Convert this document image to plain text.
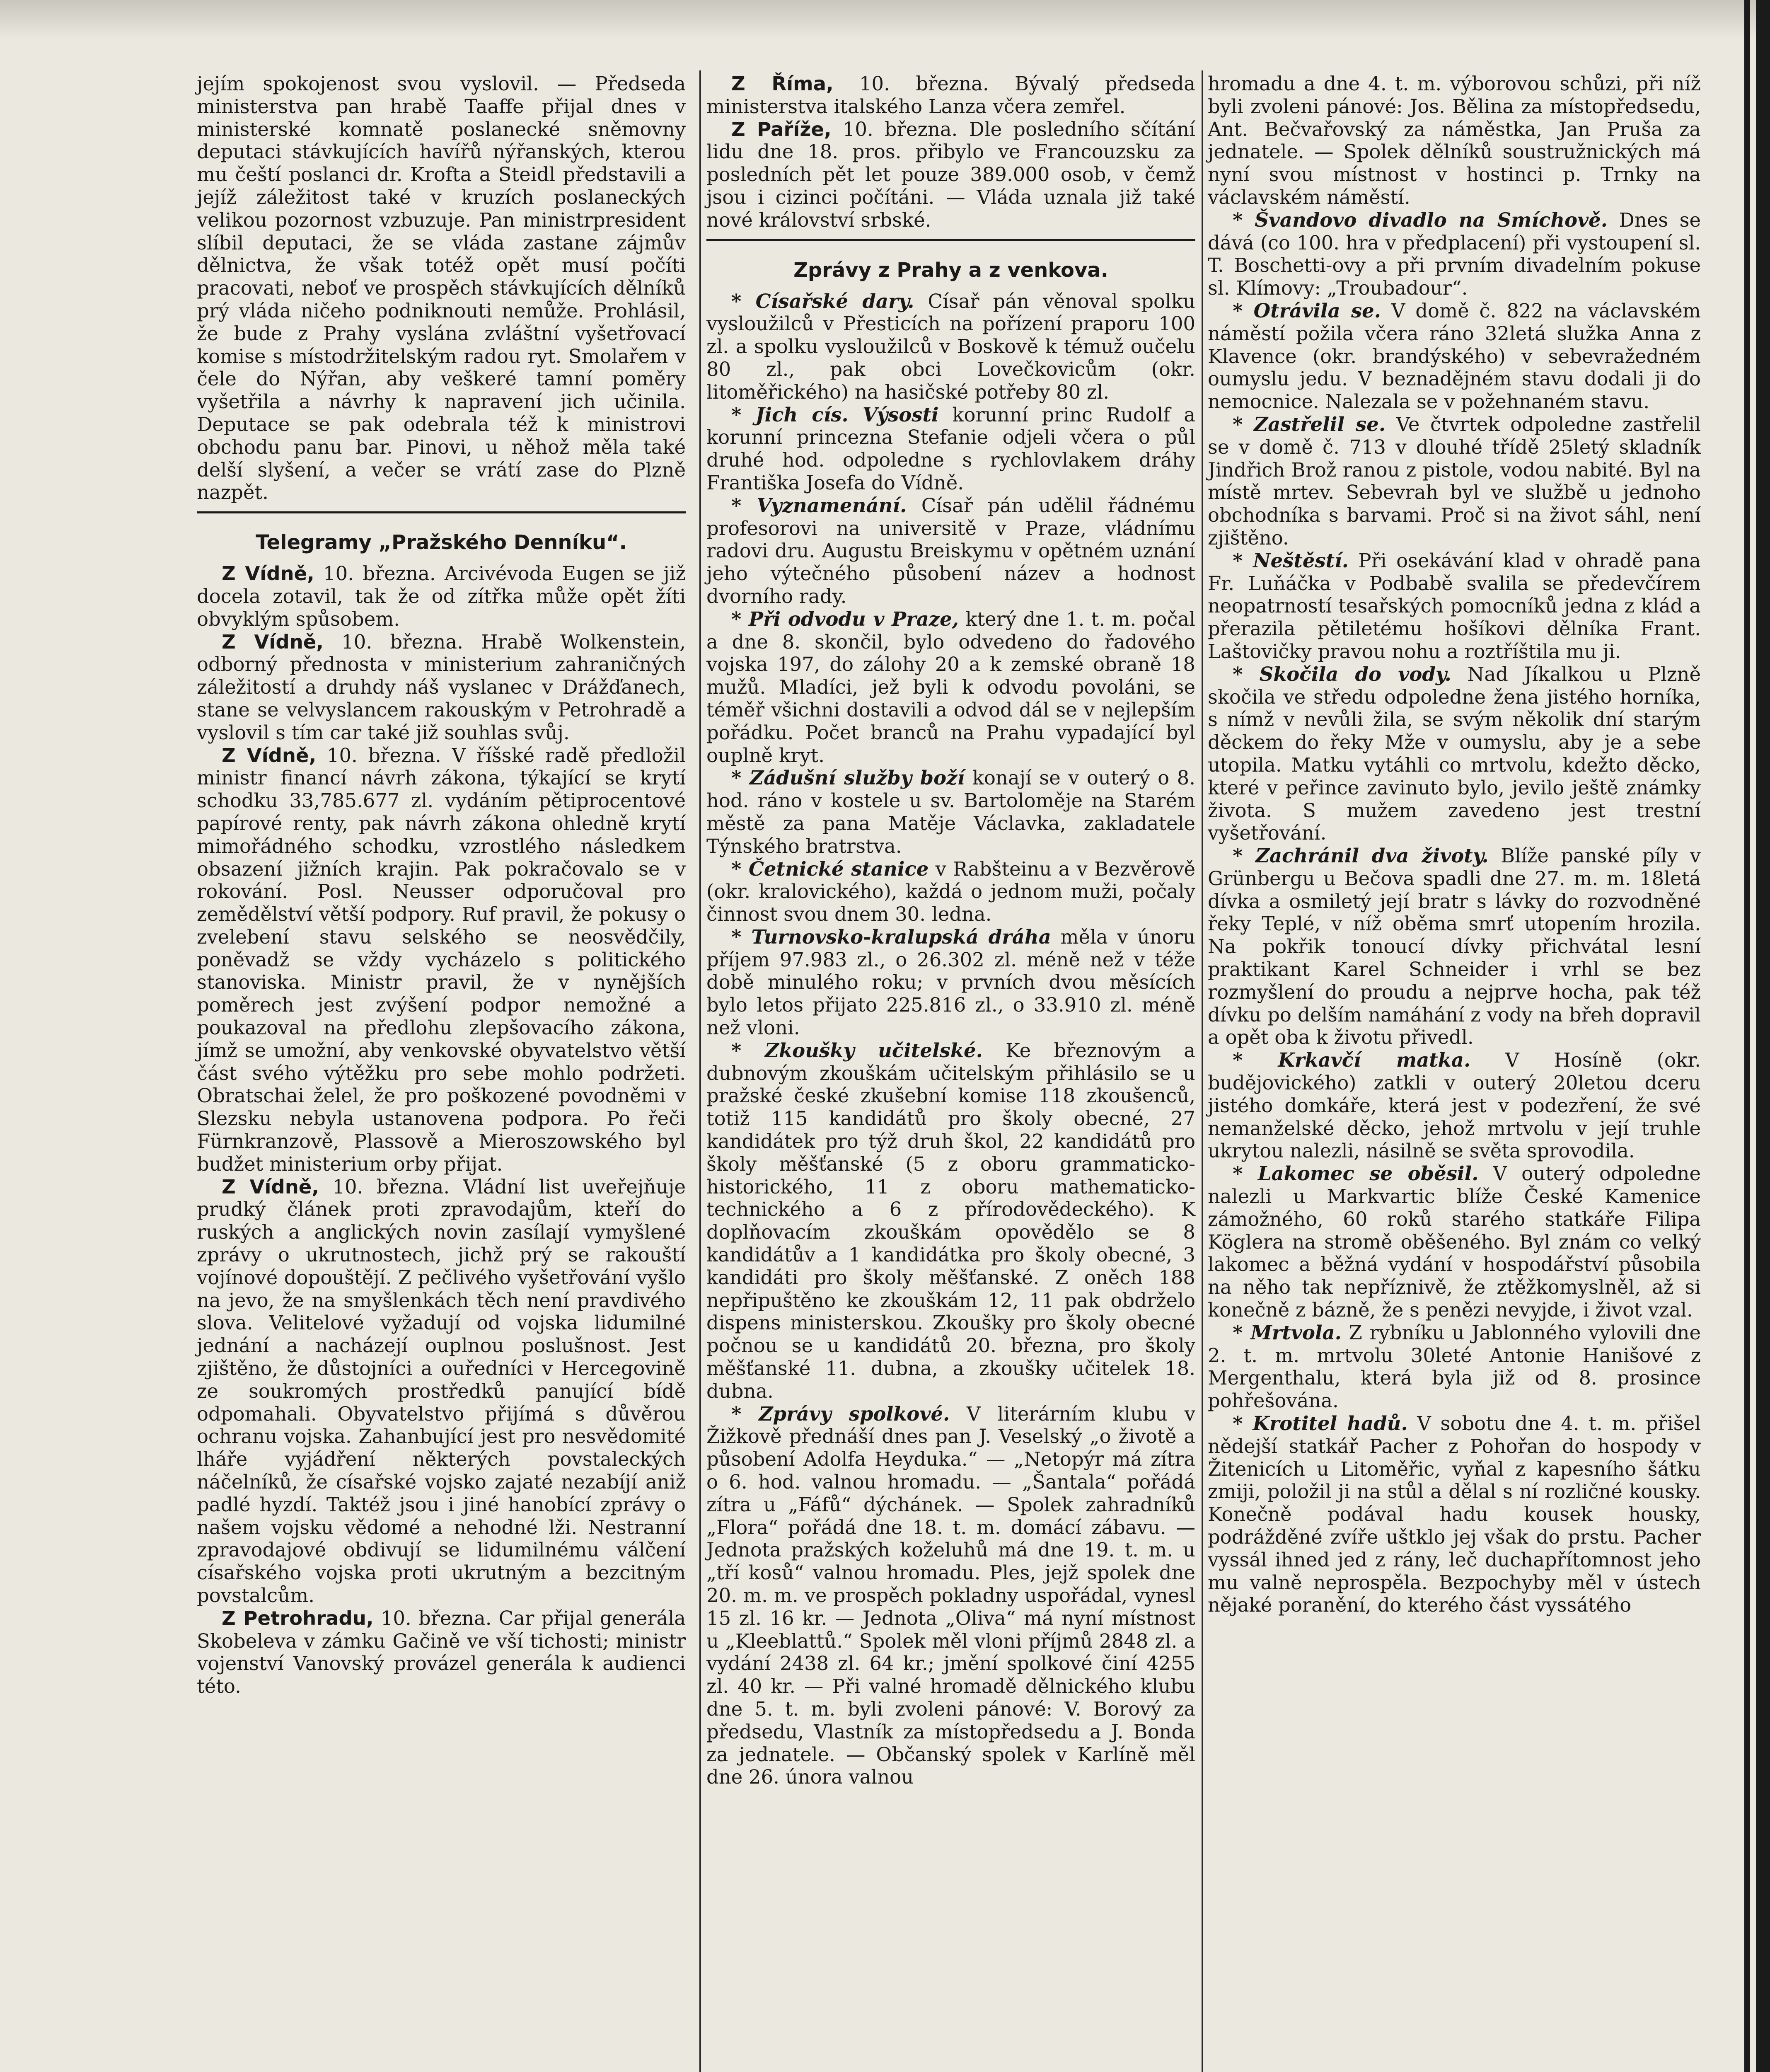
jejím spokojenost svou vyslovil. — Předseda ministerstva pan hrabě Taaffe přijal dnes v ministerské komnatě poslanecké sněmovny deputaci stávkujících havířů nýřanských, kterou mu čeští poslanci dr. Krofta a Steidl představili a jejíž záležitost také v kruzích poslaneckých velikou pozornost vzbuzuje. Pan ministrpresident slíbil deputaci, že se vláda zastane zájmův dělnictva, že však totéž opět musí počíti pracovati, neboť ve prospěch stávkujících dělníků prý vláda ničeho podniknouti nemůže. Prohlásil, že bude z Prahy vyslána zvláštní vyšetřovací komise s místodržitelským radou ryt. Smolařem v čele do Nýřan, aby veškeré tamní poměry vyšetřila a návrhy k napravení jich učinila. Deputace se pak odebrala též k ministrovi obchodu panu bar. Pinovi, u něhož měla také delší slyšení, a večer se vrátí zase do Plzně nazpět.

Telegramy „Pražského Denníku“.

Z Vídně, 10. března. Arcivévoda Eugen se již docela zotavil, tak že od zítřka může opět žíti obvyklým spůsobem.

Z Vídně, 10. března. Hrabě Wolkenstein, odborný přednosta v ministerium zahraničných záležitostí a druhdy náš vyslanec v Drážďanech, stane se velvyslancem rakouským v Petrohradě a vyslovil s tím car také již souhlas svůj.

Z Vídně, 10. března. V říšské radě předložil ministr financí návrh zákona, týkající se krytí schodku 33,785.677 zl. vydáním pětiprocentové papírové renty, pak návrh zákona ohledně krytí mimořádného schodku, vzrostlého následkem obsazení jižních krajin. Pak pokračovalo se v rokování. Posl. Neusser odporučoval pro zemědělství větší podpory. Ruf pravil, že pokusy o zvelebení stavu selského se neosvědčily, poněvadž se vždy vycházelo s politického stanoviska. Ministr pravil, že v nynějších poměrech jest zvýšení podpor nemožné a poukazoval na předlohu zlepšovacího zákona, jímž se umožní, aby venkovské obyvatelstvo větší část svého výtěžku pro sebe mohlo podržeti. Obratschai želel, že pro poškozené povodněmi v Slezsku nebyla ustanovena podpora. Po řeči Fürnkranzově, Plassově a Mieroszowského byl budžet ministerium orby přijat.

Z Vídně, 10. března. Vládní list uveřejňuje prudký článek proti zpravodajům, kteří do ruských a anglických novin zasílají vymyšlené zprávy o ukrutnostech, jichž prý se rakouští vojínové dopouštějí. Z pečlivého vyšetřování vyšlo na jevo, že na smyšlenkách těch není pravdivého slova. Velitelové vyžadují od vojska lidumilné jednání a nacházejí ouplnou poslušnost. Jest zjištěno, že důstojníci a ouředníci v Hercegovině ze soukromých prostředků panující bídě odpomahali. Obyvatelstvo přijímá s důvěrou ochranu vojska. Zahanbující jest pro nesvědomité lháře vyjádření některých povstaleckých náčelníků, že císařské vojsko zajaté nezabíjí aniž padlé hyzdí. Taktéž jsou i jiné hanobící zprávy o našem vojsku vědomé a nehodné lži. Nestranní zpravodajové obdivují se lidumilnému válčení císařského vojska proti ukrutným a bezcitným povstalcům.

Z Petrohradu, 10. března. Car přijal generála Skobeleva v zámku Gačině ve vší tichosti; ministr vojenství Vanovský provázel generála k audienci této.

Z Říma, 10. března. Bývalý předseda ministerstva italského Lanza včera zemřel.

Z Paříže, 10. března. Dle posledního sčítání lidu dne 18. pros. přibylo ve Francouzsku za posledních pět let pouze 389.000 osob, v čemž jsou i cizinci počítáni. — Vláda uznala již také nové království srbské.

Zprávy z Prahy a z venkova.

* Císařské dary. Císař pán věnoval spolku vysloužilců v Přesticích na pořízení praporu 100 zl. a spolku vysloužilců v Boskově k témuž oučelu 80 zl., pak obci Lovečkovicům (okr. litoměřického) na hasičské potřeby 80 zl.

* Jich cís. Výsosti korunní princ Rudolf a korunní princezna Stefanie odjeli včera o půl druhé hod. odpoledne s rychlovlakem dráhy Františka Josefa do Vídně.

* Vyznamenání. Císař pán udělil řádnému profesorovi na universitě v Praze, vládnímu radovi dru. Augustu Breiskymu v opětném uznání jeho výtečného působení název a hodnost dvorního rady.

* Při odvodu v Praze, který dne 1. t. m. počal a dne 8. skončil, bylo odvedeno do řadového vojska 197, do zálohy 20 a k zemské obraně 18 mužů. Mladíci, jež byli k odvodu povoláni, se téměř všichni dostavili a odvod dál se v nejlepším pořádku. Počet branců na Prahu vypadající byl ouplně kryt.

* Zádušní služby boží konají se v outerý o 8. hod. ráno v kostele u sv. Bartoloměje na Starém městě za pana Matěje Václavka, zakladatele Týnského bratrstva.

* Četnické stanice v Rabšteinu a v Bezvěrově (okr. kralovického), každá o jednom muži, počaly činnost svou dnem 30. ledna.

* Turnovsko-kralupská dráha měla v únoru příjem 97.983 zl., o 26.302 zl. méně než v téže době minulého roku; v prvních dvou měsících bylo letos přijato 225.816 zl., o 33.910 zl. méně než vloni.

* Zkoušky učitelské. Ke březnovým a dubnovým zkouškám učitelským přihlásilo se u pražské české zkušební komise 118 zkoušenců, totiž 115 kandidátů pro školy obecné, 27 kandidátek pro týž druh škol, 22 kandidátů pro školy měšťanské (5 z oboru grammaticko-historického, 11 z oboru mathematicko-technického a 6 z přírodovědeckého). K doplňovacím zkouškám opovědělo se 8 kandidátův a 1 kandidátka pro školy obecné, 3 kandidáti pro školy měšťanské. Z oněch 188 nepřipuštěno ke zkouškám 12, 11 pak obdrželo dispens ministerskou. Zkoušky pro školy obecné počnou se u kandidátů 20. března, pro školy měšťanské 11. dubna, a zkoušky učitelek 18. dubna.

* Zprávy spolkové. V literárním klubu v Žižkově přednáší dnes pan J. Veselský „o životě a působení Adolfa Heyduka.“ — „Netopýr má zítra o 6. hod. valnou hromadu. — „Šantala“ pořádá zítra u „Fáfů“ dýchánek. — Spolek zahradníků „Flora“ pořádá dne 18. t. m. domácí zábavu. — Jednota pražských koželuhů má dne 19. t. m. u „tří kosů“ valnou hromadu. Ples, jejž spolek dne 20. m. m. ve prospěch pokladny uspořádal, vynesl 15 zl. 16 kr. — Jednota „Oliva“ má nyní místnost u „Kleeblattů.“ Spolek měl vloni příjmů 2848 zl. a vydání 2438 zl. 64 kr.; jmění spolkové činí 4255 zl. 40 kr. — Při valné hromadě dělnického klubu dne 5. t. m. byli zvoleni pánové: V. Borový za předsedu, Vlastník za místopředsedu a J. Bonda za jednatele. — Občanský spolek v Karlíně měl dne 26. února valnou

hromadu a dne 4. t. m. výborovou schůzi, při níž byli zvoleni pánové: Jos. Bělina za místopředsedu, Ant. Bečvařovský za náměstka, Jan Pruša za jednatele. — Spolek dělníků soustružnických má nyní svou místnost v hostinci p. Trnky na václavském náměstí.

* Švandovo divadlo na Smíchově. Dnes se dává (co 100. hra v předplacení) při vystoupení sl. T. Boschetti-ovy a při prvním divadelním pokuse sl. Klímovy: „Troubadour“.

* Otrávila se. V domě č. 822 na václavském náměstí požila včera ráno 32letá služka Anna z Klavence (okr. brandýského) v sebevražedném oumyslu jedu. V beznadějném stavu dodali ji do nemocnice. Nalezala se v požehnaném stavu.

* Zastřelil se. Ve čtvrtek odpoledne zastřelil se v domě č. 713 v dlouhé třídě 25letý skladník Jindřich Brož ranou z pistole, vodou nabité. Byl na místě mrtev. Sebevrah byl ve službě u jednoho obchodníka s barvami. Proč si na život sáhl, není zjištěno.

* Neštěstí. Při osekávání klad v ohradě pana Fr. Luňáčka v Podbabě svalila se předevčírem neopatrností tesařských pomocníků jedna z klád a přerazila pětiletému hošíkovi dělníka Frant. Laštovičky pravou nohu a roztříštila mu ji.

* Skočila do vody. Nad Jíkalkou u Plzně skočila ve středu odpoledne žena jistého horníka, s nímž v nevůli žila, se svým několik dní starým děckem do řeky Mže v oumyslu, aby je a sebe utopila. Matku vytáhli co mrtvolu, kdežto děcko, které v peřince zavinuto bylo, jevilo ještě známky života. S mužem zavedeno jest trestní vyšetřování.

* Zachránil dva životy. Blíže panské píly v Grünbergu u Bečova spadli dne 27. m. m. 18letá dívka a osmiletý její bratr s lávky do rozvodněné řeky Teplé, v níž oběma smrť utopením hrozila. Na pokřik tonoucí dívky přichvátal lesní praktikant Karel Schneider i vrhl se bez rozmyšlení do proudu a nejprve hocha, pak též dívku po delším namáhání z vody na břeh dopravil a opět oba k životu přivedl.

* Krkavčí matka. V Hosíně (okr. budějovického) zatkli v outerý 20letou dceru jistého domkáře, která jest v podezření, že své nemanželské děcko, jehož mrtvolu v její truhle ukrytou nalezli, násilně se světa sprovodila.

* Lakomec se oběsil. V outerý odpoledne nalezli u Markvartic blíže České Kamenice zámožného, 60 roků starého statkáře Filipa Köglera na stromě oběšeného. Byl znám co velký lakomec a běžná vydání v hospodářství působila na něho tak nepříznivě, že ztěžkomyslněl, až si konečně z bázně, že s penězi nevyjde, i život vzal.

* Mrtvola. Z rybníku u Jablonného vylovili dne 2. t. m. mrtvolu 30leté Antonie Hanišové z Mergenthalu, která byla již od 8. prosince pohřešována.

* Krotitel hadů. V sobotu dne 4. t. m. přišel nědejší statkář Pacher z Pohořan do hospody v Žitenicích u Litoměřic, vyňal z kapesního šátku zmiji, položil ji na stůl a dělal s ní rozličné kousky. Konečně podával hadu kousek housky, podrážděné zvíře uštklo jej však do prstu. Pacher vyssál ihned jed z rány, leč duchapřítomnost jeho mu valně neprospěla. Bezpochyby měl v ústech nějaké poranění, do kterého část vyssátého
